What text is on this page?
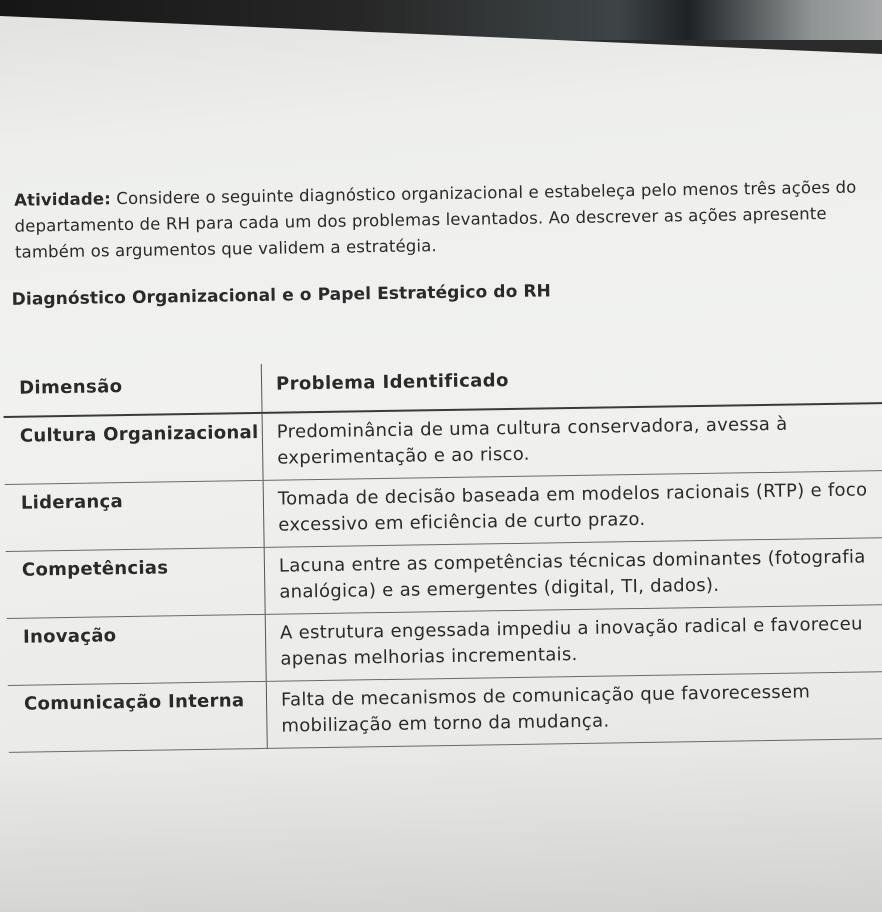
Atividade: Considere o seguinte diagnóstico organizacional e estabeleça pelo menos três ações do departamento de RH para cada um dos problemas levantados. Ao descrever as ações apresente também os argumentos que validem a estratégia.

Diagnóstico Organizacional e o Papel Estratégico do RH
Dimensão	Problema Identificado
Cultura Organizacional	Predominância de uma cultura conservadora, avessa à experimentação e ao risco.
Liderança	Tomada de decisão baseada em modelos racionais (RTP) e foco excessivo em eficiência de curto prazo.
Competências	Lacuna entre as competências técnicas dominantes (fotografia analógica) e as emergentes (digital, TI, dados).
Inovação	A estrutura engessada impediu a inovação radical e favoreceu apenas melhorias incrementais.
Comunicação Interna	Falta de mecanismos de comunicação que favorecessem mobilização em torno da mudança.
